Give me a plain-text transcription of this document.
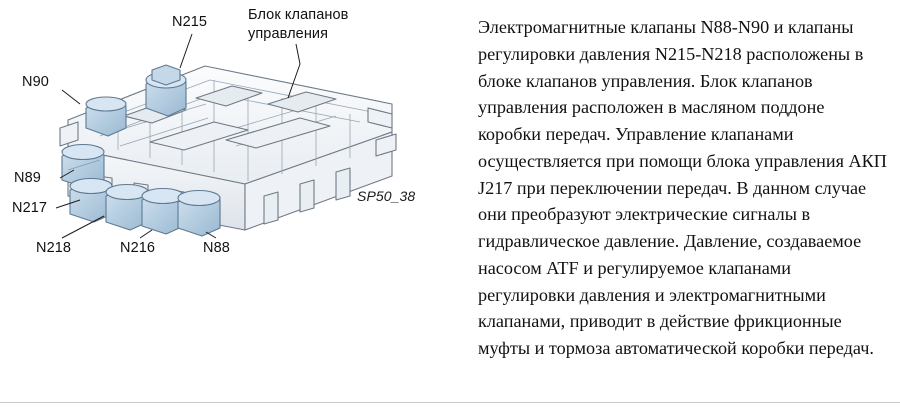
N215	Блок клапанов управления
N90
N89
N217
N218	N216	N88
SP50_38

Электромагнитные клапаны N88-N90 и клапаны регулировки давления N215-N218 расположены в блоке клапанов управления. Блок клапанов управления расположен в масляном поддоне коробки передач. Управление клапанами осуществляется при помощи блока управления АКП J217 при переключении передач. В данном случае они преобразуют электрические сигналы в гидравлическое давление. Давление, создаваемое насосом ATF и регулируемое клапанами регулировки давления и электромагнитными клапанами, приводит в действие фрикционные муфты и тормоза автоматической коробки передач.
